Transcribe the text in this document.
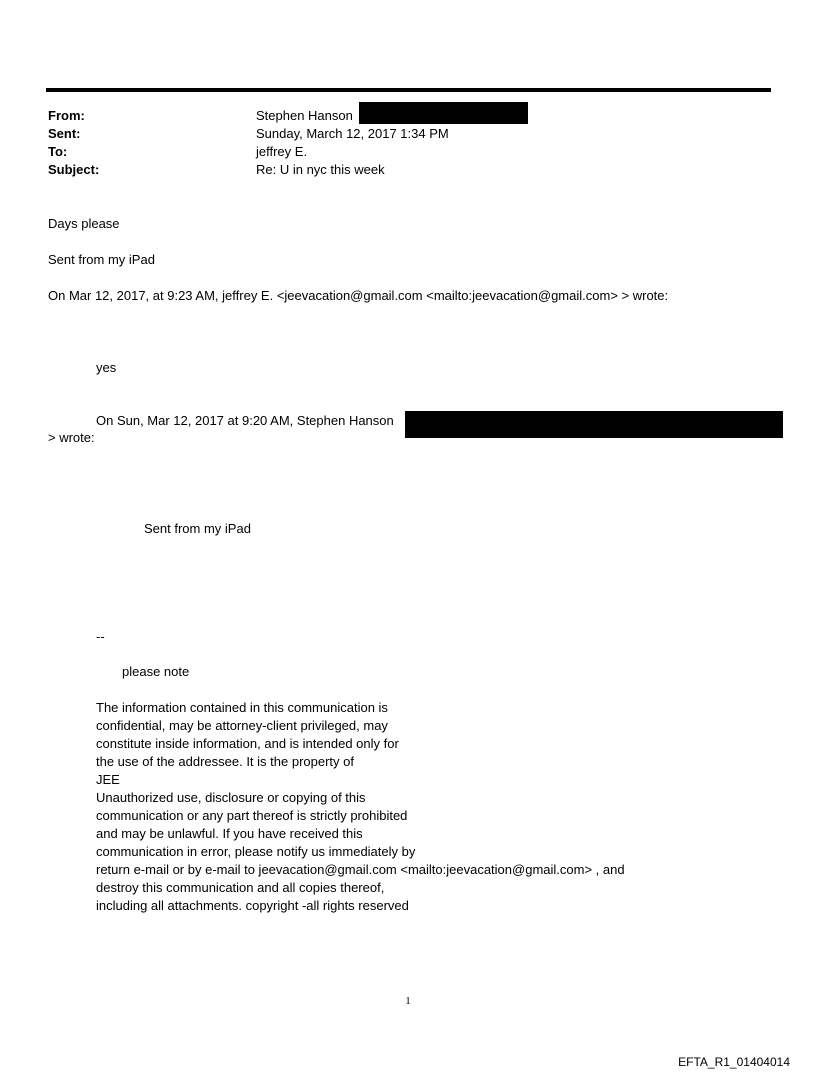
From:	Stephen Hanson
Sent:	Sunday, March 12, 2017 1:34 PM
To:	jeffrey E.
Subject:	Re: U in nyc this week
Days please
Sent from my iPad
On Mar 12, 2017, at 9:23 AM, jeffrey E. <jeevacation@gmail.com <mailto:jeevacation@gmail.com> > wrote:
yes
On Sun, Mar 12, 2017 at 9:20 AM, Stephen Hanson
> wrote:
Sent from my iPad
--
please note
The information contained in this communication is
confidential, may be attorney-client privileged, may
constitute inside information, and is intended only for
the use of the addressee. It is the property of
JEE
Unauthorized use, disclosure or copying of this
communication or any part thereof is strictly prohibited
and may be unlawful. If you have received this
communication in error, please notify us immediately by
return e-mail or by e-mail to jeevacation@gmail.com <mailto:jeevacation@gmail.com> , and
destroy this communication and all copies thereof,
including all attachments. copyright -all rights reserved
1
EFTA_R1_01404014
